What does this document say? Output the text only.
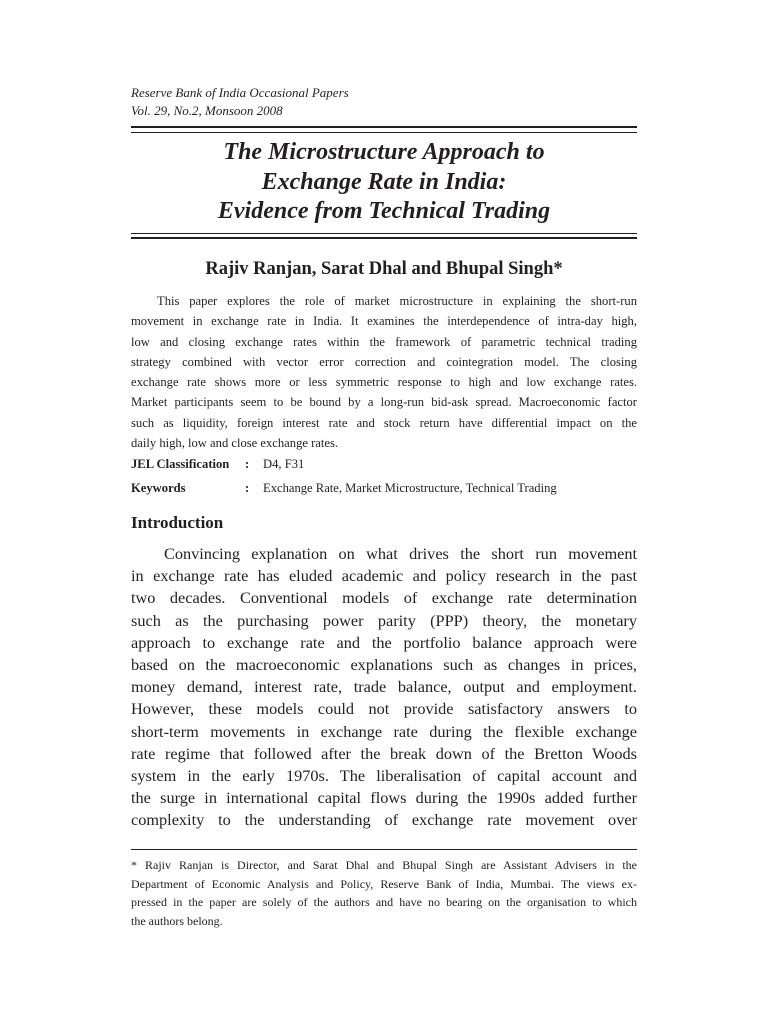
Reserve Bank of India Occasional Papers
Vol. 29, No.2, Monsoon 2008
The Microstructure Approach to
Exchange Rate in India:
Evidence from Technical Trading
Rajiv Ranjan, Sarat Dhal and Bhupal Singh*
This paper explores the role of market microstructure in explaining the short-run
movement in exchange rate in India. It examines the interdependence of intra-day high,
low and closing exchange rates within the framework of parametric technical trading
strategy combined with vector error correction and cointegration model. The closing
exchange rate shows more or less symmetric response to high and low exchange rates.
Market participants seem to be bound by a long-run bid-ask spread. Macroeconomic factor
such as liquidity, foreign interest rate and stock return have differential impact on the
daily high, low and close exchange rates.
JEL Classification : D4, F31
Keywords	: Exchange Rate, Market Microstructure, Technical Trading
Introduction
Convincing explanation on what drives the short run movement
in exchange rate has eluded academic and policy research in the past
two decades. Conventional models of exchange rate determination
such as the purchasing power parity (PPP) theory, the monetary
approach to exchange rate and the portfolio balance approach were
based on the macroeconomic explanations such as changes in prices,
money demand, interest rate, trade balance, output and employment.
However, these models could not provide satisfactory answers to
short-term movements in exchange rate during the flexible exchange
rate regime that followed after the break down of the Bretton Woods
system in the early 1970s. The liberalisation of capital account and
the surge in international capital flows during the 1990s added further
complexity to the understanding of exchange rate movement over
* Rajiv Ranjan is Director, and Sarat Dhal and Bhupal Singh are Assistant Advisers in the
Department of Economic Analysis and Policy, Reserve Bank of India, Mumbai. The views ex-
pressed in the paper are solely of the authors and have no bearing on the organisation to which
the authors belong.
